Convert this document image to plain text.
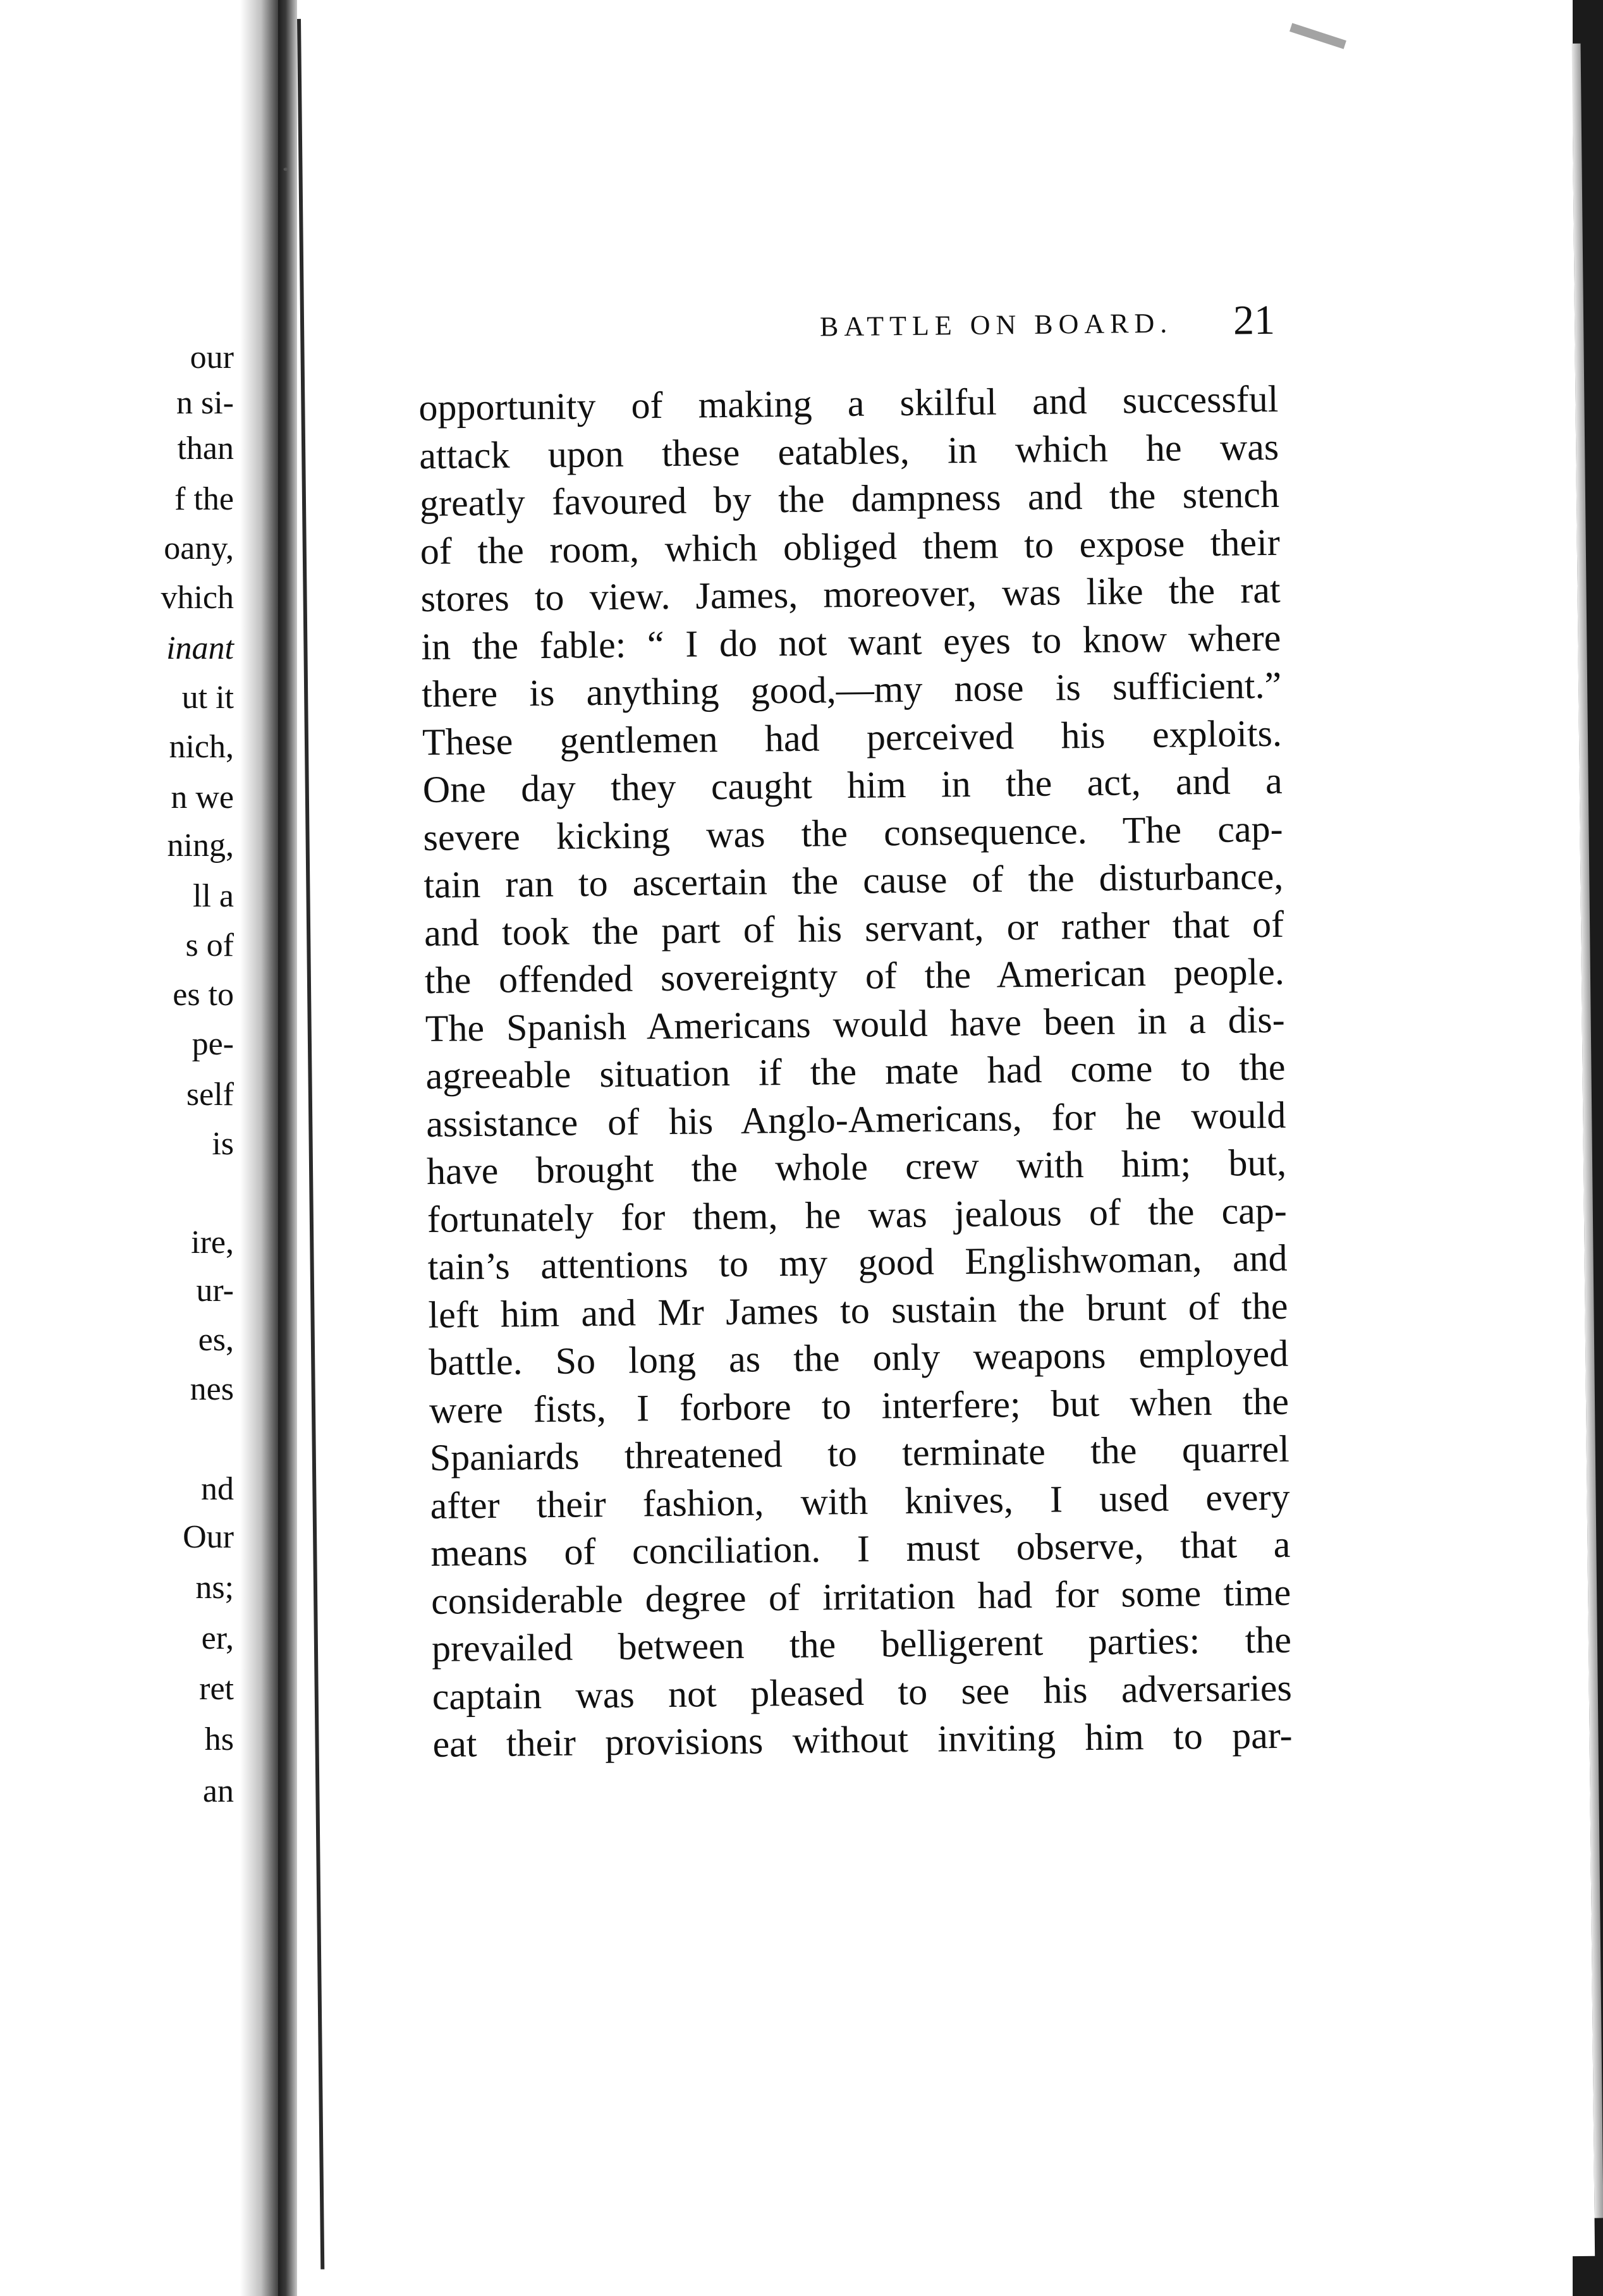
our
n si-
than
f the
oany,
vhich
inant
ut it
nich,
n we
ning,
ll a
s of
es to
pe-
self
is
ire,
ur-
es,
nes
nd
Our
ns;
er,
ret
hs
an
BATTLE ON BOARD.	21
opportunity of making a skilful and successful
attack upon these eatables, in which he was
greatly favoured by the dampness and the stench
of the room, which obliged them to expose their
stores to view. James, moreover, was like the rat
in the fable: “ I do not want eyes to know where
there is anything good,—my nose is sufficient.”
These gentlemen had perceived his exploits.
One day they caught him in the act, and a
severe kicking was the consequence. The cap-
tain ran to ascertain the cause of the disturbance,
and took the part of his servant, or rather that of
the offended sovereignty of the American people.
The Spanish Americans would have been in a dis-
agreeable situation if the mate had come to the
assistance of his Anglo-Americans, for he would
have brought the whole crew with him; but,
fortunately for them, he was jealous of the cap-
tain’s attentions to my good Englishwoman, and
left him and Mr James to sustain the brunt of the
battle. So long as the only weapons employed
were fists, I forbore to interfere; but when the
Spaniards threatened to terminate the quarrel
after their fashion, with knives, I used every
means of conciliation. I must observe, that a
considerable degree of irritation had for some time
prevailed between the belligerent parties: the
captain was not pleased to see his adversaries
eat their provisions without inviting him to par-
